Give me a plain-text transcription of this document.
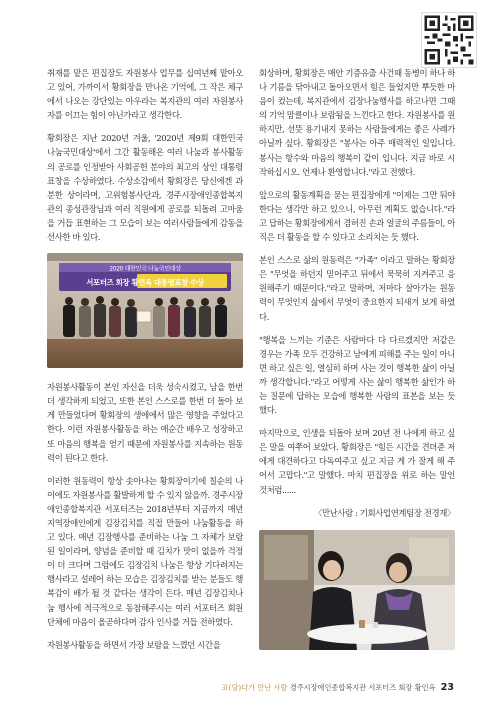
취재를 맡은 편집장도 자원봉사 업무를 십여년째 맡아오고 있어, 가까이서 황회장을 만나온 기억에, 그 작은 체구에서 나오는 강단있는 아우라는 복지관의 여러 자원봉사자를 이끄는 힘이 아닌가라고 생각한다.

황회장은 지난 2020년 겨울, '2020년 제9회 대한민국 나눔국민대상'에서 그간 활동해온 여러 나눔과 봉사활동의 공로를 인정받아 사회공헌 분야의 최고의 상인 대통령 표창을 수상하였다. 수상소감에서 황회장은 당신에겐 과분한 상이라며, 고위험봉사단과, 경주시장애인종합복지관의 종성관장님과 여러 직원에게 공로를 되돌려 고마움을 거듭 표현하는 그 모습이 보는 여러사람들에게 감동을 선사한 바 있다.

2020 대한민국 나눔국민대상
서포터즈 회장 황연옥 대통령표창 수상

자원봉사활동이 본인 자신을 더욱 성숙시켰고, 남을 한번 더 생각하게 되었고, 또한 본인 스스로를 한번 더 돌아 보게 만들었다며 황회장의 생에에서 많은 영향을 주었다고 한다. 이런 자원봉사활동을 하는 매순간 배우고 성장하고 또 마음의 행복을 얻기 때문에 자원봉사를 지속하는 원동력이 된다고 한다.

이러한 원동력이 항상 솟아나는 황회장이기에 칠순의 나이에도 자원봉사를 활발하게 할 수 있지 않을까. 경주시장애인종합복지관 서포터즈는 2018년부터 지금까지 매년 지역장애인에게 김장김치를 직접 만들어 나눔활동을 하고 있다. 매년 김장행사를 준비하는 나눔 그 자체가 보람된 일이라며, 양념을 준비할 때 김치가 맛이 없을까 걱정이 더 크다며 그럼에도 김장김치 나눔은 항상 기다려지는 행사라고 설레어 하는 모습은 김장김치를 받는 분들도 행복감이 배가 될 것 같다는 생각이 든다. 매년 김장김치나눔 행사에 적극적으로 동참해주시는 여러 서포터즈 회원단체에 마음이 올곧하다며 감사 인사를 거듭 전하였다.

자원봉사활동을 하면서 가장 보람을 느꼈던 시간을

회상하며, 황회장은 매안 기증유출 사건때 동병이 하나 하나 기름을 닦아내고 돌아오면서 힘은 들었지만 뿌듯한 마음이 컸는데, 복지관에서 김장나눔행사를 하고나면 그때의 기억 맘클이나 보람됨을 느낀다고 한다. 자원봉사를 원하지만, 선뜻 용기내지 못하는 사람들에게는 좋은 사례가 아닐까 싶다. 황회장은 "봉사는 아주 매력적인 일입니다. 봉사는 항수와 마음의 행복이 같이 입니다. 지금 바로 시작하십시오. 언제나 환영합니다."라고 전했다.

앞으로의 활동계획을 묻는 편집장에게 "이제는 그만 둬야 한다는 생각만 하고 있으니, 아무런 계획도 없습니다."라고 답하는 황회장에게서 겸허진 손과 얼굴의 주름들이, 아직은 더 활동을 할 수 있다고 소리치는 듯 했다.

본인 스스로 삶의 원동력은 "가족" 이라고 말하는 황회장은 "무엇을 하던지 믿어주고 뒤에서 묵묵히 지켜주고 응원해주기 때문이다."라고 말하며, 저마다 살아가는 원동력이 무엇인지 삶에서 무엇이 중요한지 되새겨 보게 하였다.

"행복을 느끼는 기준은 사람마다 다 다르겠지만 저같은 경우는 가족 모두 건강하고 남에게 피해를 주는 일이 아니면 하고 싶은 일, 열심히 하며 사는 것이 행복한 삶이 아닐까 생각합니다."라고 어떻게 사는 삶이 행복한 삶인가 하는 질문에 답하는 모습에 행복한 사람의 표본을 보는 듯 했다.

마지막으로, 인생을 되돌아 보며 20년 전 나에게 하고 싶은 말을 여쭈어 보았다. 황회장은 "힘든 시간을 견뎌준 저에게 대견하다고 다독여주고 싶고 지금 게 가 잘게 해 주어서 고맙다."고 말했다. 마치 편집장을 위로 하는 말인 것처럼......

〈만난사람 : 기회사업연계팀장 전경재〉
표(담)다가 만난 사람 경주시장애인종합복지관 서포터즈 회장 황인옥 23
